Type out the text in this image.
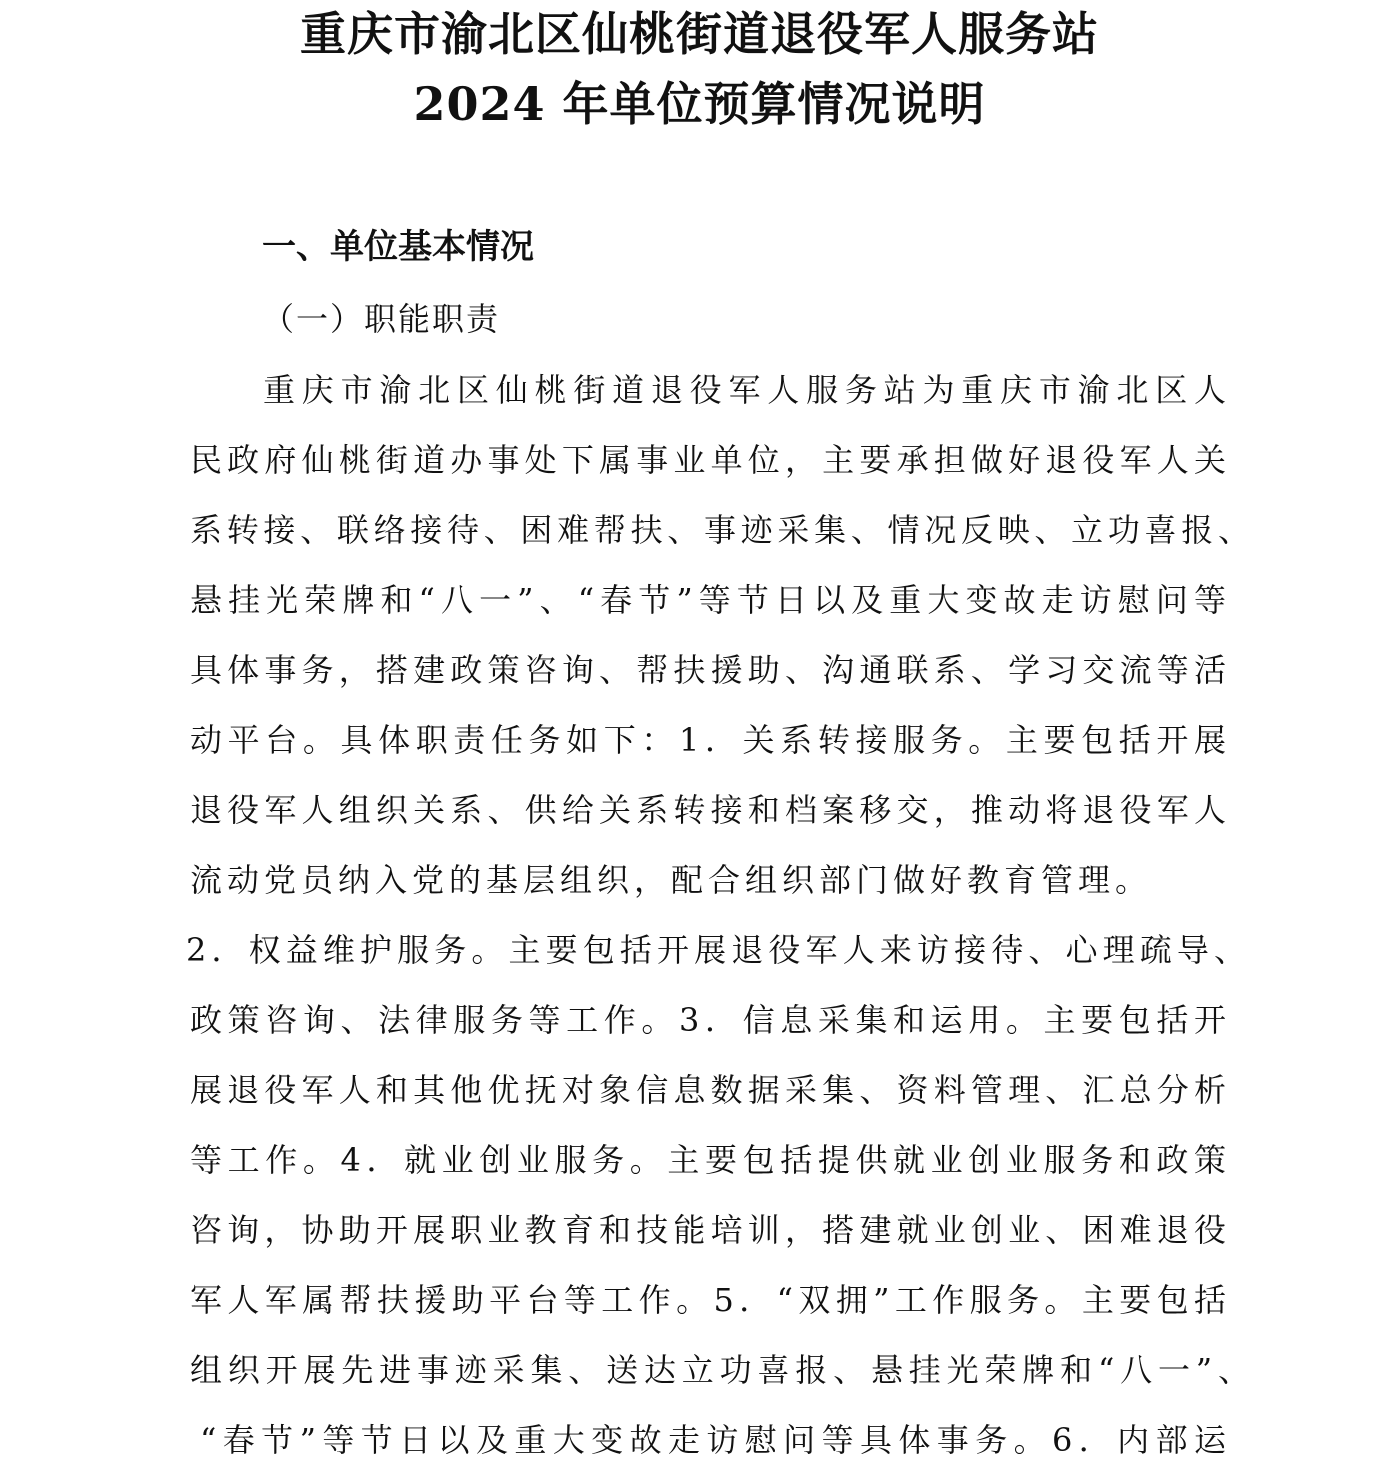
重庆市渝北区仙桃街道退役军人服务站
2024 年单位预算情况说明
一、单位基本情况
（一）职能职责
重庆市渝北区仙桃街道退役军人服务站为重庆市渝北区人
民政府仙桃街道办事处下属事业单位，主要承担做好退役军人关
系转接、联络接待、困难帮扶、事迹采集、情况反映、立功喜报、
悬挂光荣牌和“八一”、“春节”等节日以及重大变故走访慰问等
具体事务，搭建政策咨询、帮扶援助、沟通联系、学习交流等活
动平台。具体职责任务如下：1．关系转接服务。主要包括开展
退役军人组织关系、供给关系转接和档案移交，推动将退役军人
流动党员纳入党的基层组织，配合组织部门做好教育管理。
2．权益维护服务。主要包括开展退役军人来访接待、心理疏导、
政策咨询、法律服务等工作。3．信息采集和运用。主要包括开
展退役军人和其他优抚对象信息数据采集、资料管理、汇总分析
等工作。4．就业创业服务。主要包括提供就业创业服务和政策
咨询，协助开展职业教育和技能培训，搭建就业创业、困难退役
军人军属帮扶援助平台等工作。5．“双拥”工作服务。主要包括
组织开展先进事迹采集、送达立功喜报、悬挂光荣牌和“八一”、
“春节”等节日以及重大变故走访慰问等具体事务。6．内部运
